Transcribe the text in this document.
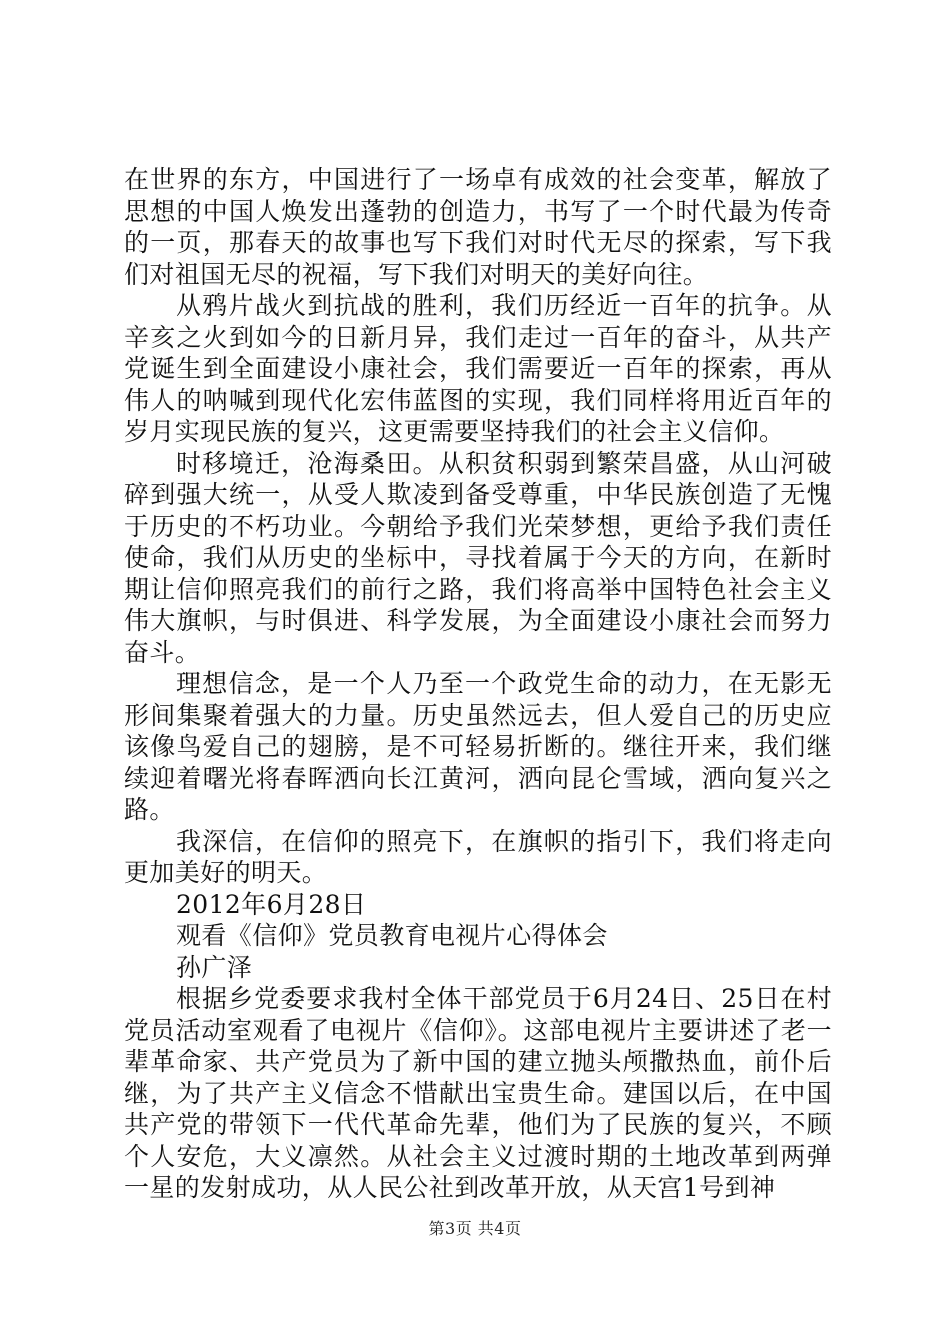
在世界的东方，中国进行了一场卓有成效的社会变革，解放了思想的中国人焕发出蓬勃的创造力，书写了一个时代最为传奇的一页，那春天的故事也写下我们对时代无尽的探索，写下我们对祖国无尽的祝福，写下我们对明天的美好向往。

从鸦片战火到抗战的胜利，我们历经近一百年的抗争。从辛亥之火到如今的日新月异，我们走过一百年的奋斗，从共产党诞生到全面建设小康社会，我们需要近一百年的探索，再从伟人的呐喊到现代化宏伟蓝图的实现，我们同样将用近百年的岁月实现民族的复兴，这更需要坚持我们的社会主义信仰。

时移境迁，沧海桑田。从积贫积弱到繁荣昌盛，从山河破碎到强大统一，从受人欺凌到备受尊重，中华民族创造了无愧于历史的不朽功业。今朝给予我们光荣梦想，更给予我们责任使命，我们从历史的坐标中，寻找着属于今天的方向，在新时期让信仰照亮我们的前行之路，我们将高举中国特色社会主义伟大旗帜，与时俱进、科学发展，为全面建设小康社会而努力奋斗。

理想信念，是一个人乃至一个政党生命的动力，在无影无形间集聚着强大的力量。历史虽然远去，但人爱自己的历史应该像鸟爱自己的翅膀，是不可轻易折断的。继往开来，我们继续迎着曙光将春晖洒向长江黄河，洒向昆仑雪域，洒向复兴之路。

我深信，在信仰的照亮下，在旗帜的指引下，我们将走向更加美好的明天。

2012年6月28日

观看《信仰》党员教育电视片心得体会

孙广泽

根据乡党委要求我村全体干部党员于6月24日、25日在村党员活动室观看了电视片《信仰》。这部电视片主要讲述了老一辈革命家、共产党员为了新中国的建立抛头颅撒热血，前仆后继，为了共产主义信念不惜献出宝贵生命。建国以后，在中国共产党的带领下一代代革命先辈，他们为了民族的复兴，不顾个人安危，大义凛然。从社会主义过渡时期的土地改革到两弹一星的发射成功，从人民公社到改革开放，从天宫1号到神

第3页 共4页
